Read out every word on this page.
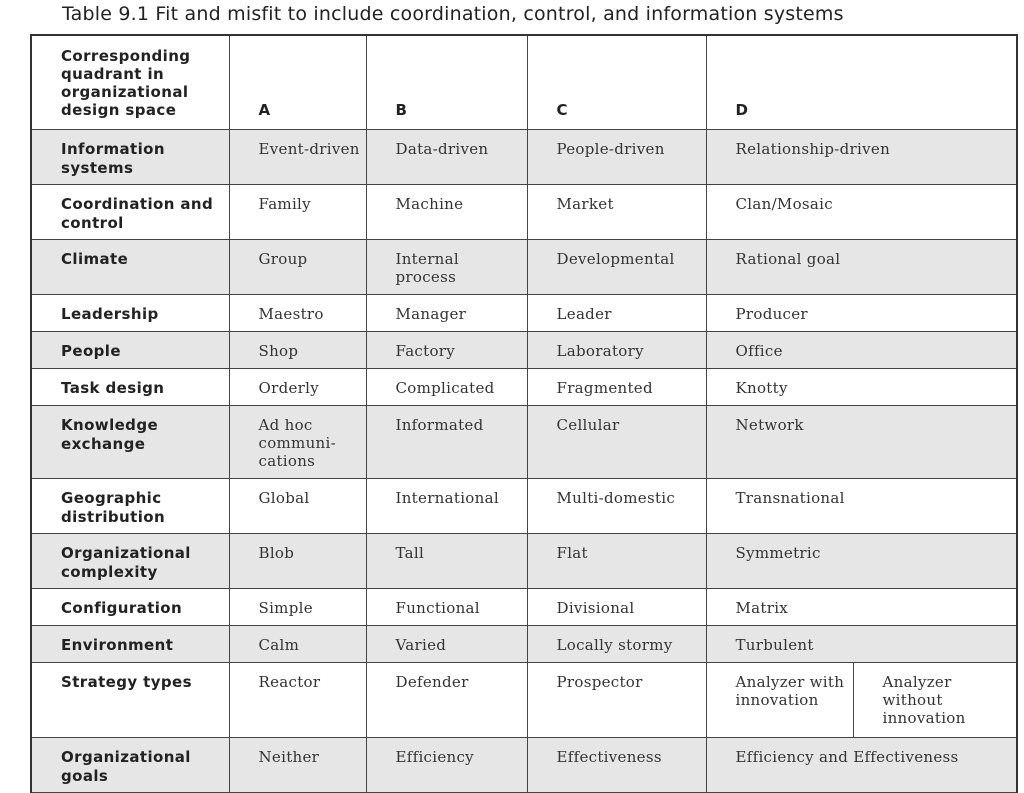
Table 9.1 Fit and misfit to include coordination, control, and information systems
Corresponding quadrant in organizational design space	A	B	C	D	
Information systems	Event-driven	Data-driven	People-driven	Relationship-driven	
Coordination and control	Family	Machine	Market	Clan/Mosaic	
Climate	Group	Internal process	Developmental	Rational goal	
Leadership	Maestro	Manager	Leader	Producer	
People	Shop	Factory	Laboratory	Office	
Task design	Orderly	Complicated	Fragmented	Knotty	
Knowledge exchange	Ad hoc communi-cations	Informated	Cellular	Network	
Geographic distribution	Global	International	Multi-domestic	Transnational	
Organizational complexity	Blob	Tall	Flat	Symmetric	
Configuration	Simple	Functional	Divisional	Matrix	
Environment	Calm	Varied	Locally stormy	Turbulent	
Strategy types	Reactor	Defender	Prospector	Analyzer with innovation	Analyzer without innovation
Organizational goals	Neither	Efficiency	Effectiveness	Efficiency and Effectiveness	
